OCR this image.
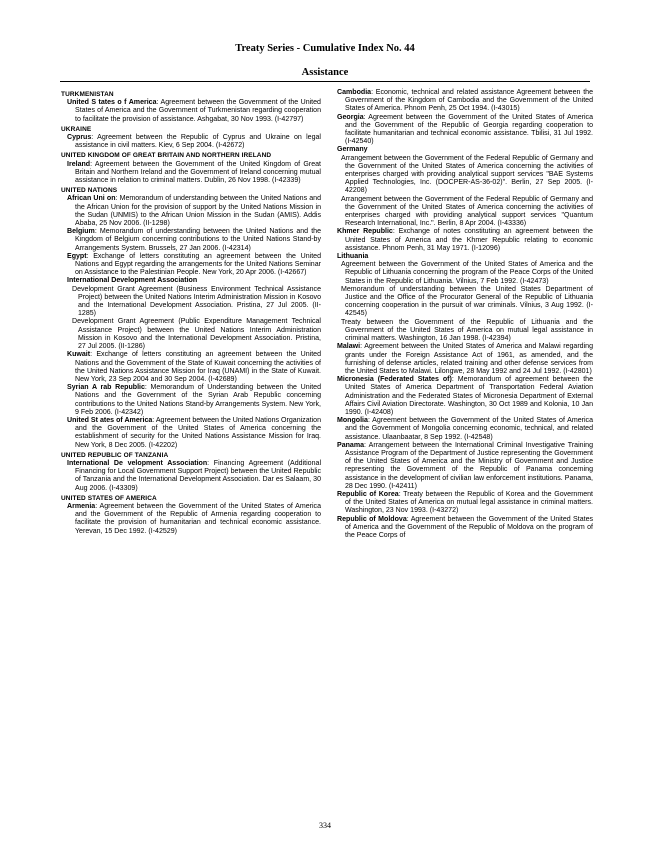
Treaty Series - Cumulative Index No. 44
Assistance
TURKMENISTAN

United S tates o f America: Agreement between the Government of the United States of America and the Government of Turkmenistan regarding cooperation to facilitate the provision of assistance. Ashgabat, 30 Nov 1993. (I-42797)

UKRAINE

Cyprus: Agreement between the Republic of Cyprus and Ukraine on legal assistance in civil matters. Kiev, 6 Sep 2004. (I-42672)

UNITED KINGDOM OF GREAT BRITAIN AND NORTHERN IRELAND

Ireland: Agreement between the Government of the United Kingdom of Great Britain and Northern Ireland and the Government of Ireland concerning mutual assistance in relation to criminal matters. Dublin, 26 Nov 1998. (I-42339)

UNITED NATIONS

African Uni on: Memorandum of understanding between the United Nations and the African Union for the provision of support by the United Nations Mission in the Sudan (UNMIS) to the African Union Mission in the Sudan (AMIS). Addis Ababa, 25 Nov 2006. (II-1298)

Belgium: Memorandum of understanding between the United Nations and the Kingdom of Belgium concerning contributions to the United Nations Stand-by Arrangements System. Brussels, 27 Jan 2006. (I-42314)

Egypt: Exchange of letters constituting an agreement between the United Nations and Egypt regarding the arrangements for the United Nations Seminar on Assistance to the Palestinian People. New York, 20 Apr 2006. (I-42667)

International Development Association

Development Grant Agreement (Business Environment Technical Assistance Project) between the United Nations Interim Administration Mission in Kosovo and the International Development Association. Pristina, 27 Jul 2005. (II-1285)

Development Grant Agreement (Public Expenditure Management Technical Assistance Project) between the United Nations Interim Administration Mission in Kosovo and the International Development Association. Pristina, 27 Jul 2005. (II-1286)

Kuwait: Exchange of letters constituting an agreement between the United Nations and the Government of the State of Kuwait concerning the activities of the United Nations Assistance Mission for Iraq (UNAMI) in the State of Kuwait. New York, 23 Sep 2004 and 30 Sep 2004. (I-42689)

Syrian A rab Republic: Memorandum of Understanding between the United Nations and the Government of the Syrian Arab Republic concerning contributions to the United Nations Stand-by Arrangements System. New York, 9 Feb 2006. (I-42342)

United St ates of America: Agreement between the United Nations Organization and the Government of the United States of America concerning the establishment of security for the United Nations Assistance Mission for Iraq. New York, 8 Dec 2005. (I-42202)

UNITED REPUBLIC OF TANZANIA

International De velopment Association: Financing Agreement (Additional Financing for Local Government Support Project) between the United Republic of Tanzania and the International Development Association. Dar es Salaam, 30 Aug 2006. (I-43309)

UNITED STATES OF AMERICA

Armenia: Agreement between the Government of the United States of America and the Government of the Republic of Armenia regarding cooperation to facilitate the provision of humanitarian and technical economic assistance. Yerevan, 15 Dec 1992. (I-42529)

Cambodia: Economic, technical and related assistance Agreement between the Government of the Kingdom of Cambodia and the Government of the United States of America. Phnom Penh, 25 Oct 1994. (I-43015)

Georgia: Agreement between the Government of the United States of America and the Government of the Republic of Georgia regarding cooperation to facilitate humanitarian and technical economic assistance. Tbilisi, 31 Jul 1992. (I-42540)

Germany

Arrangement between the Government of the Federal Republic of Germany and the Government of the United States of America concerning the activities of enterprises charged with providing analytical support services "BAE Systems Applied Technologies, Inc. (DOCPER-AS-36-02)". Berlin, 27 Sep 2005. (I-42208)

Arrangement between the Government of the Federal Republic of Germany and the Government of the United States of America concerning the activities of enterprises charged with providing analytical support services "Quantum Research International, Inc.". Berlin, 8 Apr 2004. (I-43336)

Khmer Republic: Exchange of notes constituting an agreement between the United States of America and the Khmer Republic relating to economic assistance. Phnom Penh, 31 May 1971. (I-12096)

Lithuania

Agreement between the Government of the United States of America and the Republic of Lithuania concerning the program of the Peace Corps of the United States in the Republic of Lithuania. Vilnius, 7 Feb 1992. (I-42473)

Memorandum of understanding between the United States Department of Justice and the Office of the Procurator General of the Republic of Lithuania concerning cooperation in the pursuit of war criminals. Vilnius, 3 Aug 1992. (I-42545)

Treaty between the Government of the Republic of Lithuania and the Government of the United States of America on mutual legal assistance in criminal matters. Washington, 16 Jan 1998. (I-42394)

Malawi: Agreement between the United States of America and Malawi regarding grants under the Foreign Assistance Act of 1961, as amended, and the furnishing of defense articles, related training and other defense services from the United States to Malawi. Lilongwe, 28 May 1992 and 24 Jul 1992. (I-42801)

Micronesia (Federated States of): Memorandum of agreement between the United States of America Department of Transportation Federal Aviation Administration and the Federated States of Micronesia Department of External Affairs Civil Aviation Directorate. Washington, 30 Oct 1989 and Kolonia, 10 Jan 1990. (I-42408)

Mongolia: Agreement between the Government of the United States of America and the Government of Mongolia concerning economic, technical, and related assistance. Ulaanbaatar, 8 Sep 1992. (I-42548)

Panama: Arrangement between the International Criminal Investigative Training Assistance Program of the Department of Justice representing the Government of the United States of America and the Ministry of Government and Justice representing the Government of the Republic of Panama concerning assistance in the development of civilian law enforcement institutions. Panama, 28 Dec 1990. (I-42411)

Republic of Korea: Treaty between the Republic of Korea and the Government of the United States of America on mutual legal assistance in criminal matters. Washington, 23 Nov 1993. (I-43272)

Republic of Moldova: Agreement between the Government of the United States of America and the Government of the Republic of Moldova on the program of the Peace Corps of

334
